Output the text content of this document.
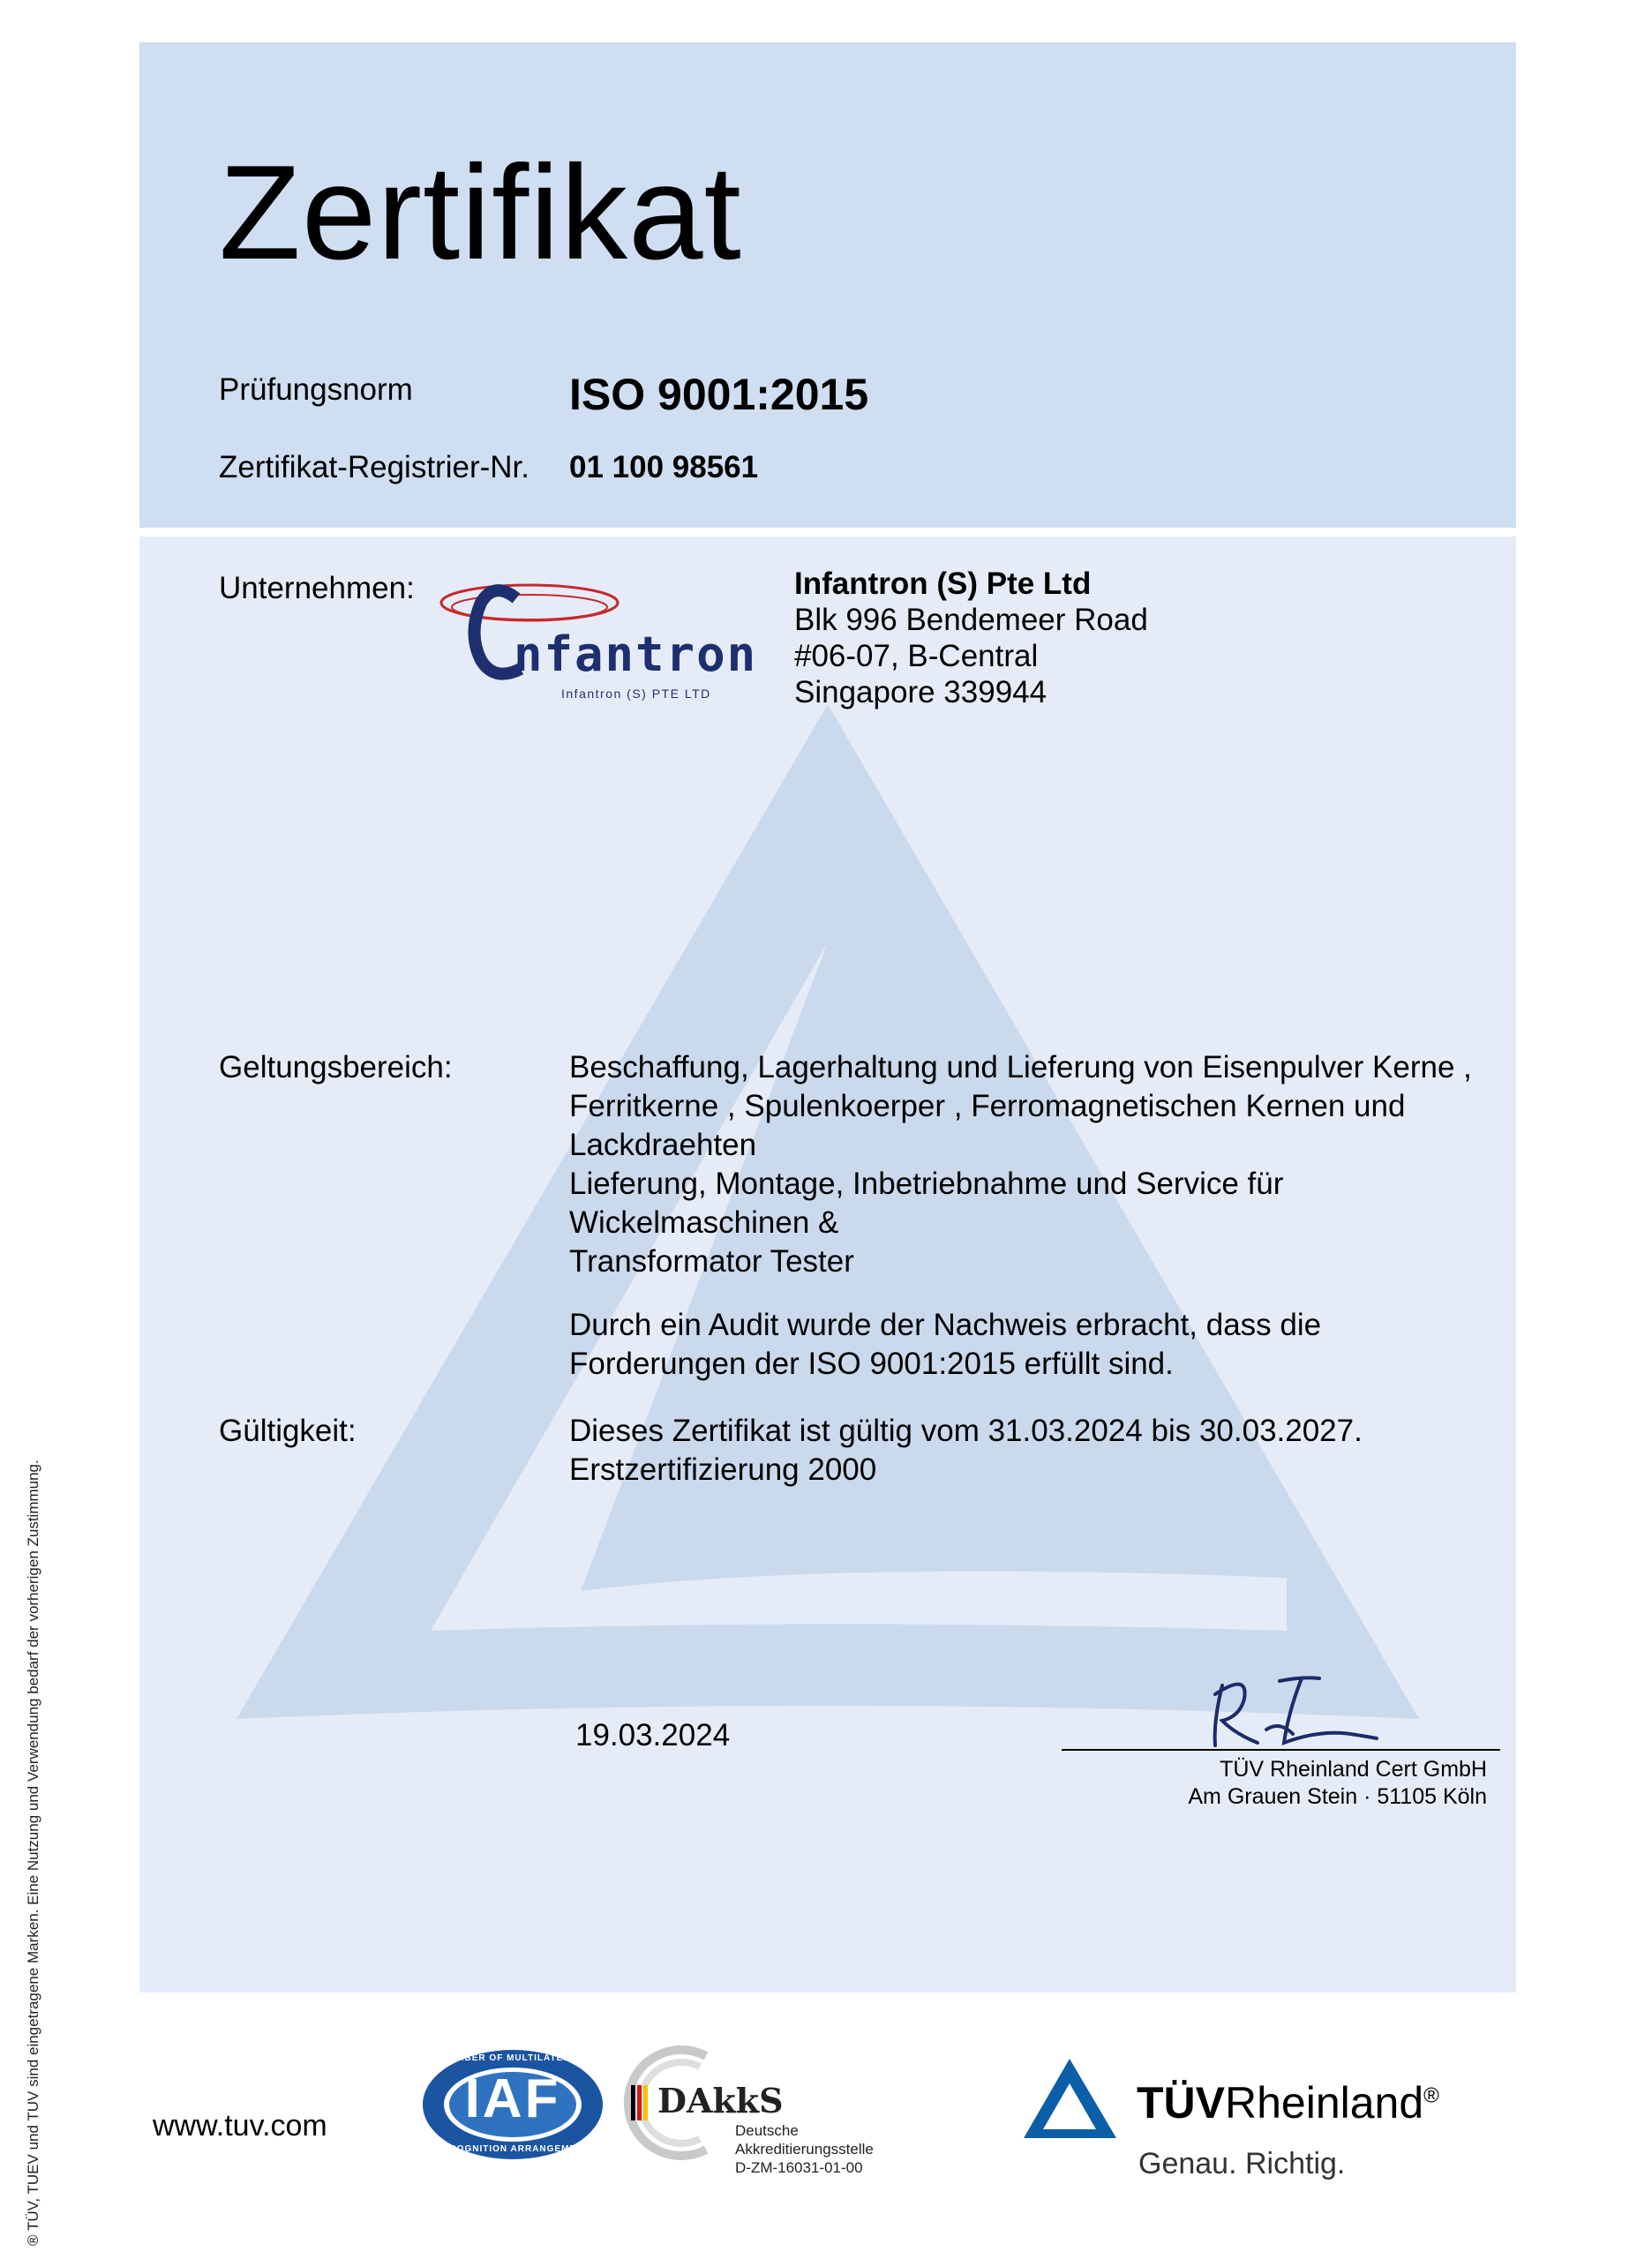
Zertifikat
Prüfungsnorm	ISO 9001:2015
Zertifikat-Registrier-Nr. 01 100 98561
Unternehmen:
nfantron
Infantron (S) PTE LTD
Infantron (S) Pte Ltd
Blk 996 Bendemeer Road
#06-07, B-Central
Singapore 339944
Geltungsbereich:	Beschaffung, Lagerhaltung und Lieferung von Eisenpulver Kerne ,
Ferritkerne , Spulenkoerper , Ferromagnetischen Kernen und
Lackdraehten
Lieferung, Montage, Inbetriebnahme und Service für
Wickelmaschinen &
Transformator Tester
Durch ein Audit wurde der Nachweis erbracht, dass die
Forderungen der ISO 9001:2015 erfüllt sind.
Gültigkeit:	Dieses Zertifikat ist gültig vom 31.03.2024 bis 30.03.2027.
Erstzertifizierung 2000
19.03.2024
TÜV Rheinland Cert GmbH
Am Grauen Stein · 51105 Köln
www.tuv.com	IAF
MEMBER OF MULTILATERAL
RECOGNITION ARRANGEMENT
DAkkS
Deutsche
Akkreditierungsstelle
D-ZM-16031-01-00
TÜVRheinland®
Genau. Richtig.
® TÜV, TUEV und TUV sind eingetragene Marken. Eine Nutzung und Verwendung bedarf der vorherigen Zustimmung.
